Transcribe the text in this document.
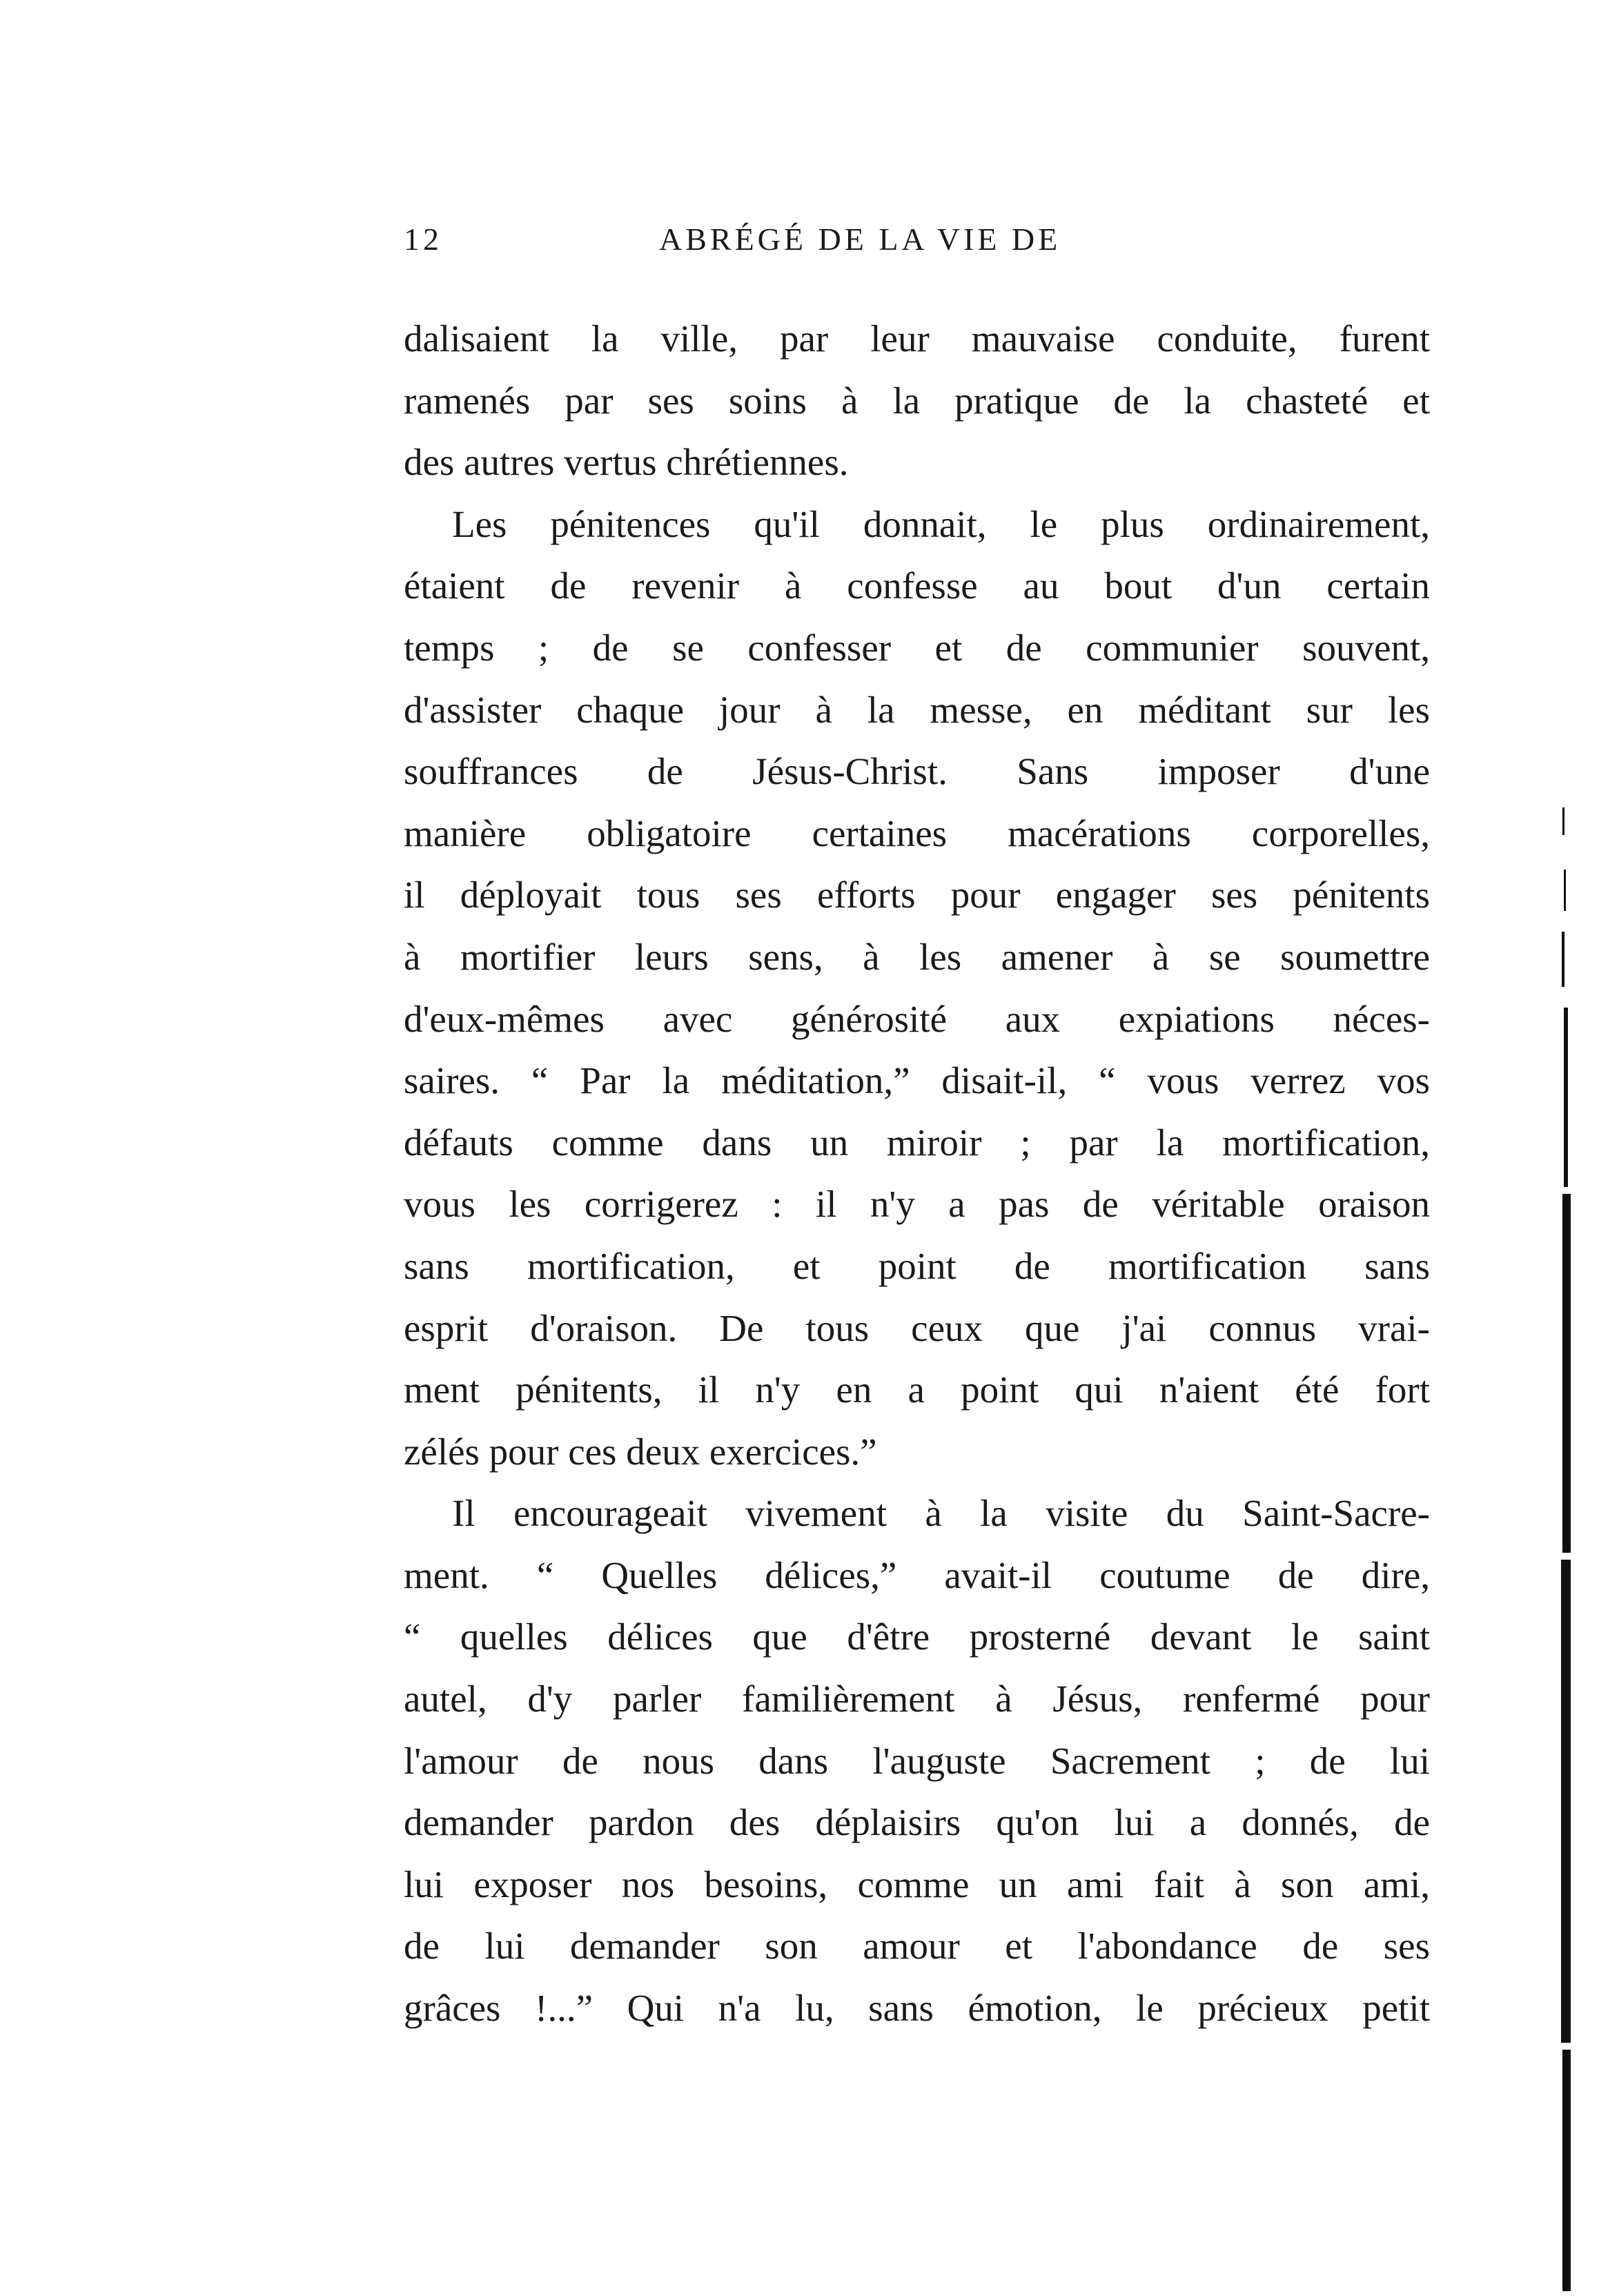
12	ABRÉGÉ DE LA VIE DE
dalisaient la ville, par leur mauvaise conduite, furent
ramenés par ses soins à la pratique de la chasteté et
des autres vertus chrétiennes.
Les pénitences qu'il donnait, le plus ordinairement,
étaient de revenir à confesse au bout d'un certain
temps ; de se confesser et de communier souvent,
d'assister chaque jour à la messe, en méditant sur les
souffrances de Jésus-Christ. Sans imposer d'une
manière obligatoire certaines macérations corporelles,
il déployait tous ses efforts pour engager ses pénitents
à mortifier leurs sens, à les amener à se soumettre
d'eux-mêmes avec générosité aux expiations néces-
saires. “ Par la méditation,” disait-il, “ vous verrez vos
défauts comme dans un miroir ; par la mortification,
vous les corrigerez : il n'y a pas de véritable oraison
sans mortification, et point de mortification sans
esprit d'oraison. De tous ceux que j'ai connus vrai-
ment pénitents, il n'y en a point qui n'aient été fort
zélés pour ces deux exercices.”
Il encourageait vivement à la visite du Saint-Sacre-
ment. “ Quelles délices,” avait-il coutume de dire,
“ quelles délices que d'être prosterné devant le saint
autel, d'y parler familièrement à Jésus, renfermé pour
l'amour de nous dans l'auguste Sacrement ; de lui
demander pardon des déplaisirs qu'on lui a donnés, de
lui exposer nos besoins, comme un ami fait à son ami,
de lui demander son amour et l'abondance de ses
grâces !...” Qui n'a lu, sans émotion, le précieux petit
